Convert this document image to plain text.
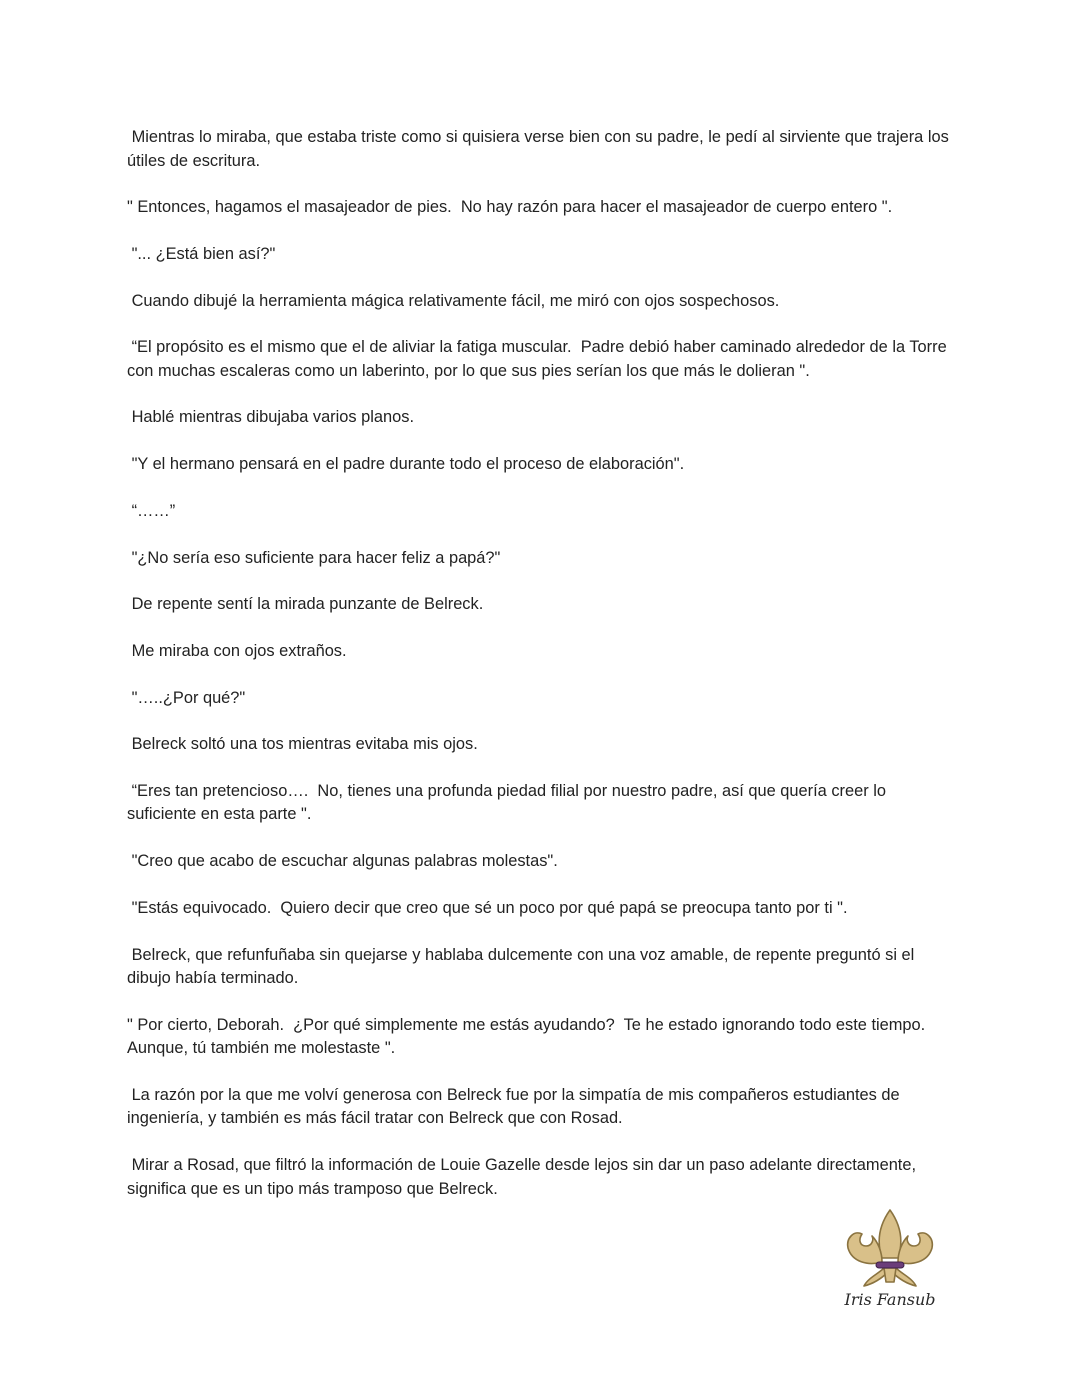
Mientras lo miraba, que estaba triste como si quisiera verse bien con su padre, le pedí al sirviente que trajera los útiles de escritura.

" Entonces, hagamos el masajeador de pies.  No hay razón para hacer el masajeador de cuerpo entero ".

"... ¿Está bien así?"

Cuando dibujé la herramienta mágica relativamente fácil, me miró con ojos sospechosos.

“El propósito es el mismo que el de aliviar la fatiga muscular.  Padre debió haber caminado alrededor de la Torre con muchas escaleras como un laberinto, por lo que sus pies serían los que más le dolieran ".

Hablé mientras dibujaba varios planos.

"Y el hermano pensará en el padre durante todo el proceso de elaboración".

“……”

"¿No sería eso suficiente para hacer feliz a papá?"

De repente sentí la mirada punzante de Belreck.

Me miraba con ojos extraños.

"…..¿Por qué?"

Belreck soltó una tos mientras evitaba mis ojos.

“Eres tan pretencioso….  No, tienes una profunda piedad filial por nuestro padre, así que quería creer lo suficiente en esta parte ".

"Creo que acabo de escuchar algunas palabras molestas".

"Estás equivocado.  Quiero decir que creo que sé un poco por qué papá se preocupa tanto por ti ".

Belreck, que refunfuñaba sin quejarse y hablaba dulcemente con una voz amable, de repente preguntó si el dibujo había terminado.

" Por cierto, Deborah.  ¿Por qué simplemente me estás ayudando?  Te he estado ignorando todo este tiempo.  Aunque, tú también me molestaste ".

La razón por la que me volví generosa con Belreck fue por la simpatía de mis compañeros estudiantes de ingeniería, y también es más fácil tratar con Belreck que con Rosad.

Mirar a Rosad, que filtró la información de Louie Gazelle desde lejos sin dar un paso adelante directamente, significa que es un tipo más tramposo que Belreck.

Iris Fansub
